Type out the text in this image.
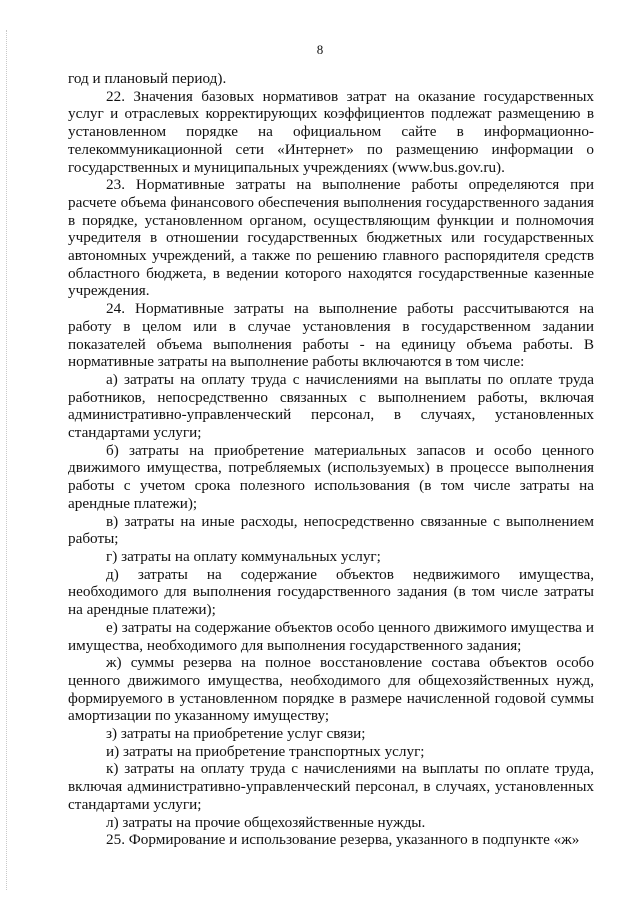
8

год и плановый период).

22. Значения базовых нормативов затрат на оказание государственных услуг и отраслевых корректирующих коэффициентов подлежат размещению в установленном порядке на официальном сайте в информационно-телекоммуникационной сети «Интернет» по размещению информации о государственных и муниципальных учреждениях (www.bus.gov.ru).

23. Нормативные затраты на выполнение работы определяются при расчете объема финансового обеспечения выполнения государственного задания в порядке, установленном органом, осуществляющим функции и полномочия учредителя в отношении государственных бюджетных или государственных автономных учреждений, а также по решению главного распорядителя средств областного бюджета, в ведении которого находятся государственные казенные учреждения.

24. Нормативные затраты на выполнение работы рассчитываются на работу в целом или в случае установления в государственном задании показателей объема выполнения работы - на единицу объема работы. В нормативные затраты на выполнение работы включаются в том числе:

а) затраты на оплату труда с начислениями на выплаты по оплате труда работников, непосредственно связанных с выполнением работы, включая административно-управленческий персонал, в случаях, установленных стандартами услуги;

б) затраты на приобретение материальных запасов и особо ценного движимого имущества, потребляемых (используемых) в процессе выполнения работы с учетом срока полезного использования (в том числе затраты на арендные платежи);

в) затраты на иные расходы, непосредственно связанные с выполнением работы;

г) затраты на оплату коммунальных услуг;

д) затраты на содержание объектов недвижимого имущества, необходимого для выполнения государственного задания (в том числе затраты на арендные платежи);

е) затраты на содержание объектов особо ценного движимого имущества и имущества, необходимого для выполнения государственного задания;

ж) суммы резерва на полное восстановление состава объектов особо ценного движимого имущества, необходимого для общехозяйственных нужд, формируемого в установленном порядке в размере начисленной годовой суммы амортизации по указанному имуществу;

з) затраты на приобретение услуг связи;

и) затраты на приобретение транспортных услуг;

к) затраты на оплату труда с начислениями на выплаты по оплате труда, включая административно-управленческий персонал, в случаях, установленных стандартами услуги;

л) затраты на прочие общехозяйственные нужды.

25. Формирование и использование резерва, указанного в подпункте «ж»
